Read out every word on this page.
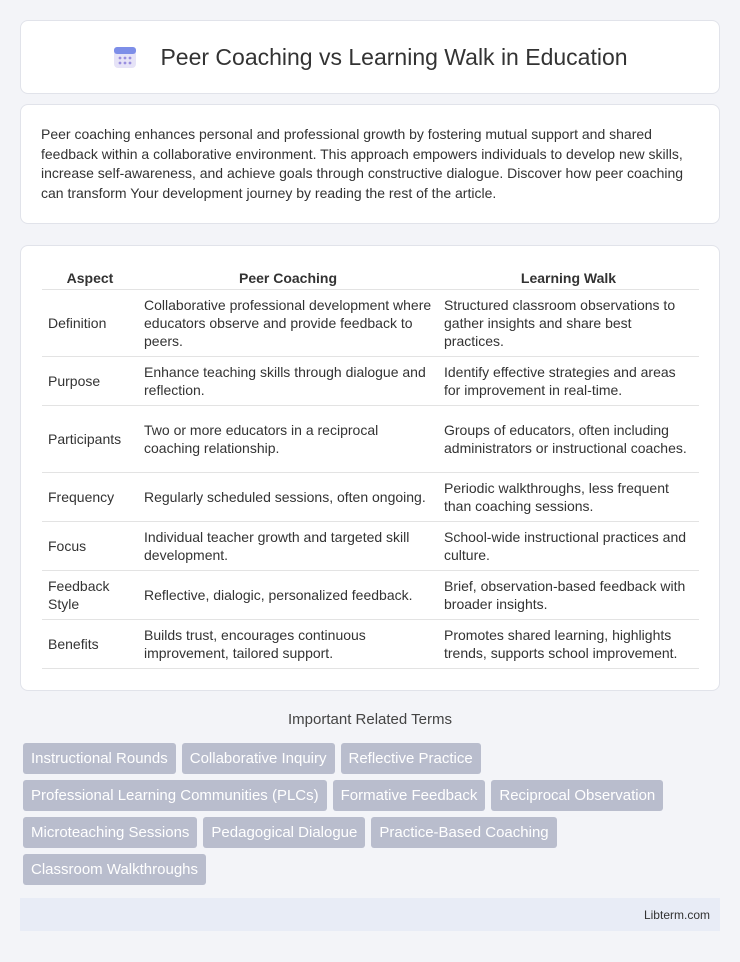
Peer Coaching vs Learning Walk in Education

Peer coaching enhances personal and professional growth by fostering mutual support and shared feedback within a collaborative environment. This approach empowers individuals to develop new skills, increase self-awareness, and achieve goals through constructive dialogue. Discover how peer coaching can transform Your development journey by reading the rest of the article.

Aspect	Peer Coaching	Learning Walk
Definition	Collaborative professional development where educators observe and provide feedback to peers.	Structured classroom observations to gather insights and share best practices.
Purpose	Enhance teaching skills through dialogue and reflection.	Identify effective strategies and areas for improvement in real-time.
Participants	Two or more educators in a reciprocal coaching relationship.	Groups of educators, often including administrators or instructional coaches.
Frequency	Regularly scheduled sessions, often ongoing.	Periodic walkthroughs, less frequent than coaching sessions.
Focus	Individual teacher growth and targeted skill development.	School-wide instructional practices and culture.
Feedback Style	Reflective, dialogic, personalized feedback.	Brief, observation-based feedback with broader insights.
Benefits	Builds trust, encourages continuous improvement, tailored support.	Promotes shared learning, highlights trends, supports school improvement.
Important Related Terms
Instructional Rounds	Collaborative Inquiry	Reflective Practice
Professional Learning Communities (PLCs)	Formative Feedback	Reciprocal Observation
Microteaching Sessions	Pedagogical Dialogue	Practice-Based Coaching
Classroom Walkthroughs
Libterm.com
